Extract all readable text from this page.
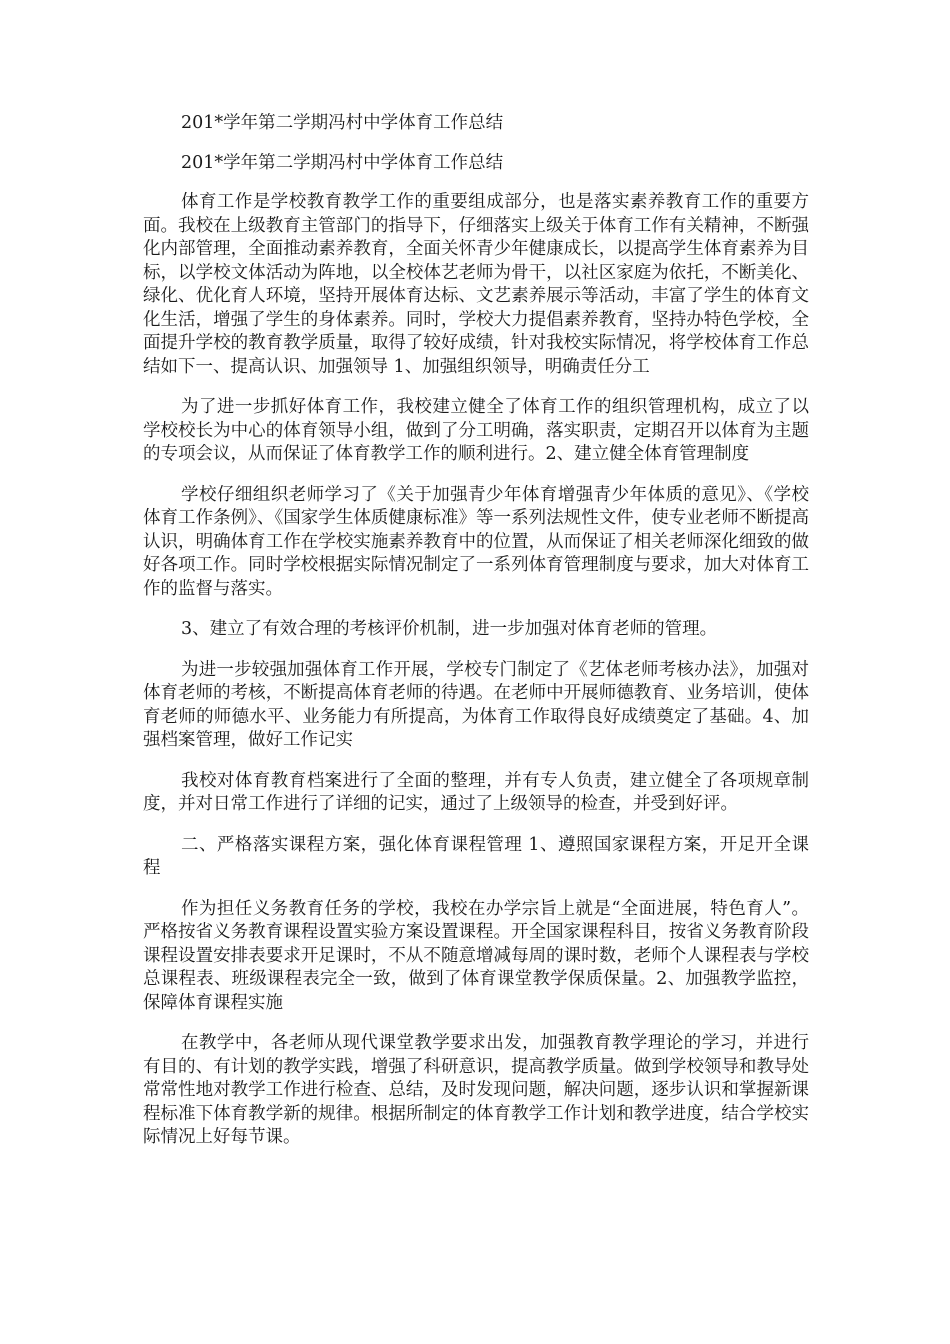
201*学年第二学期冯村中学体育工作总结

201*学年第二学期冯村中学体育工作总结

体育工作是学校教育教学工作的重要组成部分，也是落实素养教育工作的重要方面。我校在上级教育主管部门的指导下，仔细落实上级关于体育工作有关精神，不断强化内部管理，全面推动素养教育，全面关怀青少年健康成长，以提高学生体育素养为目标，以学校文体活动为阵地，以全校体艺老师为骨干，以社区家庭为依托，不断美化、绿化、优化育人环境，坚持开展体育达标、文艺素养展示等活动，丰富了学生的体育文化生活，增强了学生的身体素养。同时，学校大力提倡素养教育，坚持办特色学校，全面提升学校的教育教学质量，取得了较好成绩，针对我校实际情况，将学校体育工作总结如下一、提高认识、加强领导 1、加强组织领导，明确责任分工

为了进一步抓好体育工作，我校建立健全了体育工作的组织管理机构，成立了以学校校长为中心的体育领导小组，做到了分工明确，落实职责，定期召开以体育为主题的专项会议，从而保证了体育教学工作的顺利进行。2、建立健全体育管理制度

学校仔细组织老师学习了《关于加强青少年体育增强青少年体质的意见》、《学校体育工作条例》、《国家学生体质健康标准》等一系列法规性文件，使专业老师不断提高认识，明确体育工作在学校实施素养教育中的位置，从而保证了相关老师深化细致的做好各项工作。同时学校根据实际情况制定了一系列体育管理制度与要求，加大对体育工作的监督与落实。

3、建立了有效合理的考核评价机制，进一步加强对体育老师的管理。

为进一步较强加强体育工作开展，学校专门制定了《艺体老师考核办法》，加强对体育老师的考核，不断提高体育老师的待遇。在老师中开展师德教育、业务培训，使体育老师的师德水平、业务能力有所提高，为体育工作取得良好成绩奠定了基础。4、加强档案管理，做好工作记实

我校对体育教育档案进行了全面的整理，并有专人负责，建立健全了各项规章制度，并对日常工作进行了详细的记实，通过了上级领导的检查，并受到好评。

二、严格落实课程方案，强化体育课程管理 1、遵照国家课程方案，开足开全课程

作为担任义务教育任务的学校，我校在办学宗旨上就是“全面进展，特色育人”。严格按省义务教育课程设置实验方案设置课程。开全国家课程科目，按省义务教育阶段课程设置安排表要求开足课时，不从不随意增减每周的课时数，老师个人课程表与学校总课程表、班级课程表完全一致，做到了体育课堂教学保质保量。2、加强教学监控，保障体育课程实施

在教学中，各老师从现代课堂教学要求出发，加强教育教学理论的学习，并进行有目的、有计划的教学实践，增强了科研意识，提高教学质量。做到学校领导和教导处常常性地对教学工作进行检查、总结，及时发现问题，解决问题，逐步认识和掌握新课程标准下体育教学新的规律。根据所制定的体育教学工作计划和教学进度，结合学校实际情况上好每节课。
